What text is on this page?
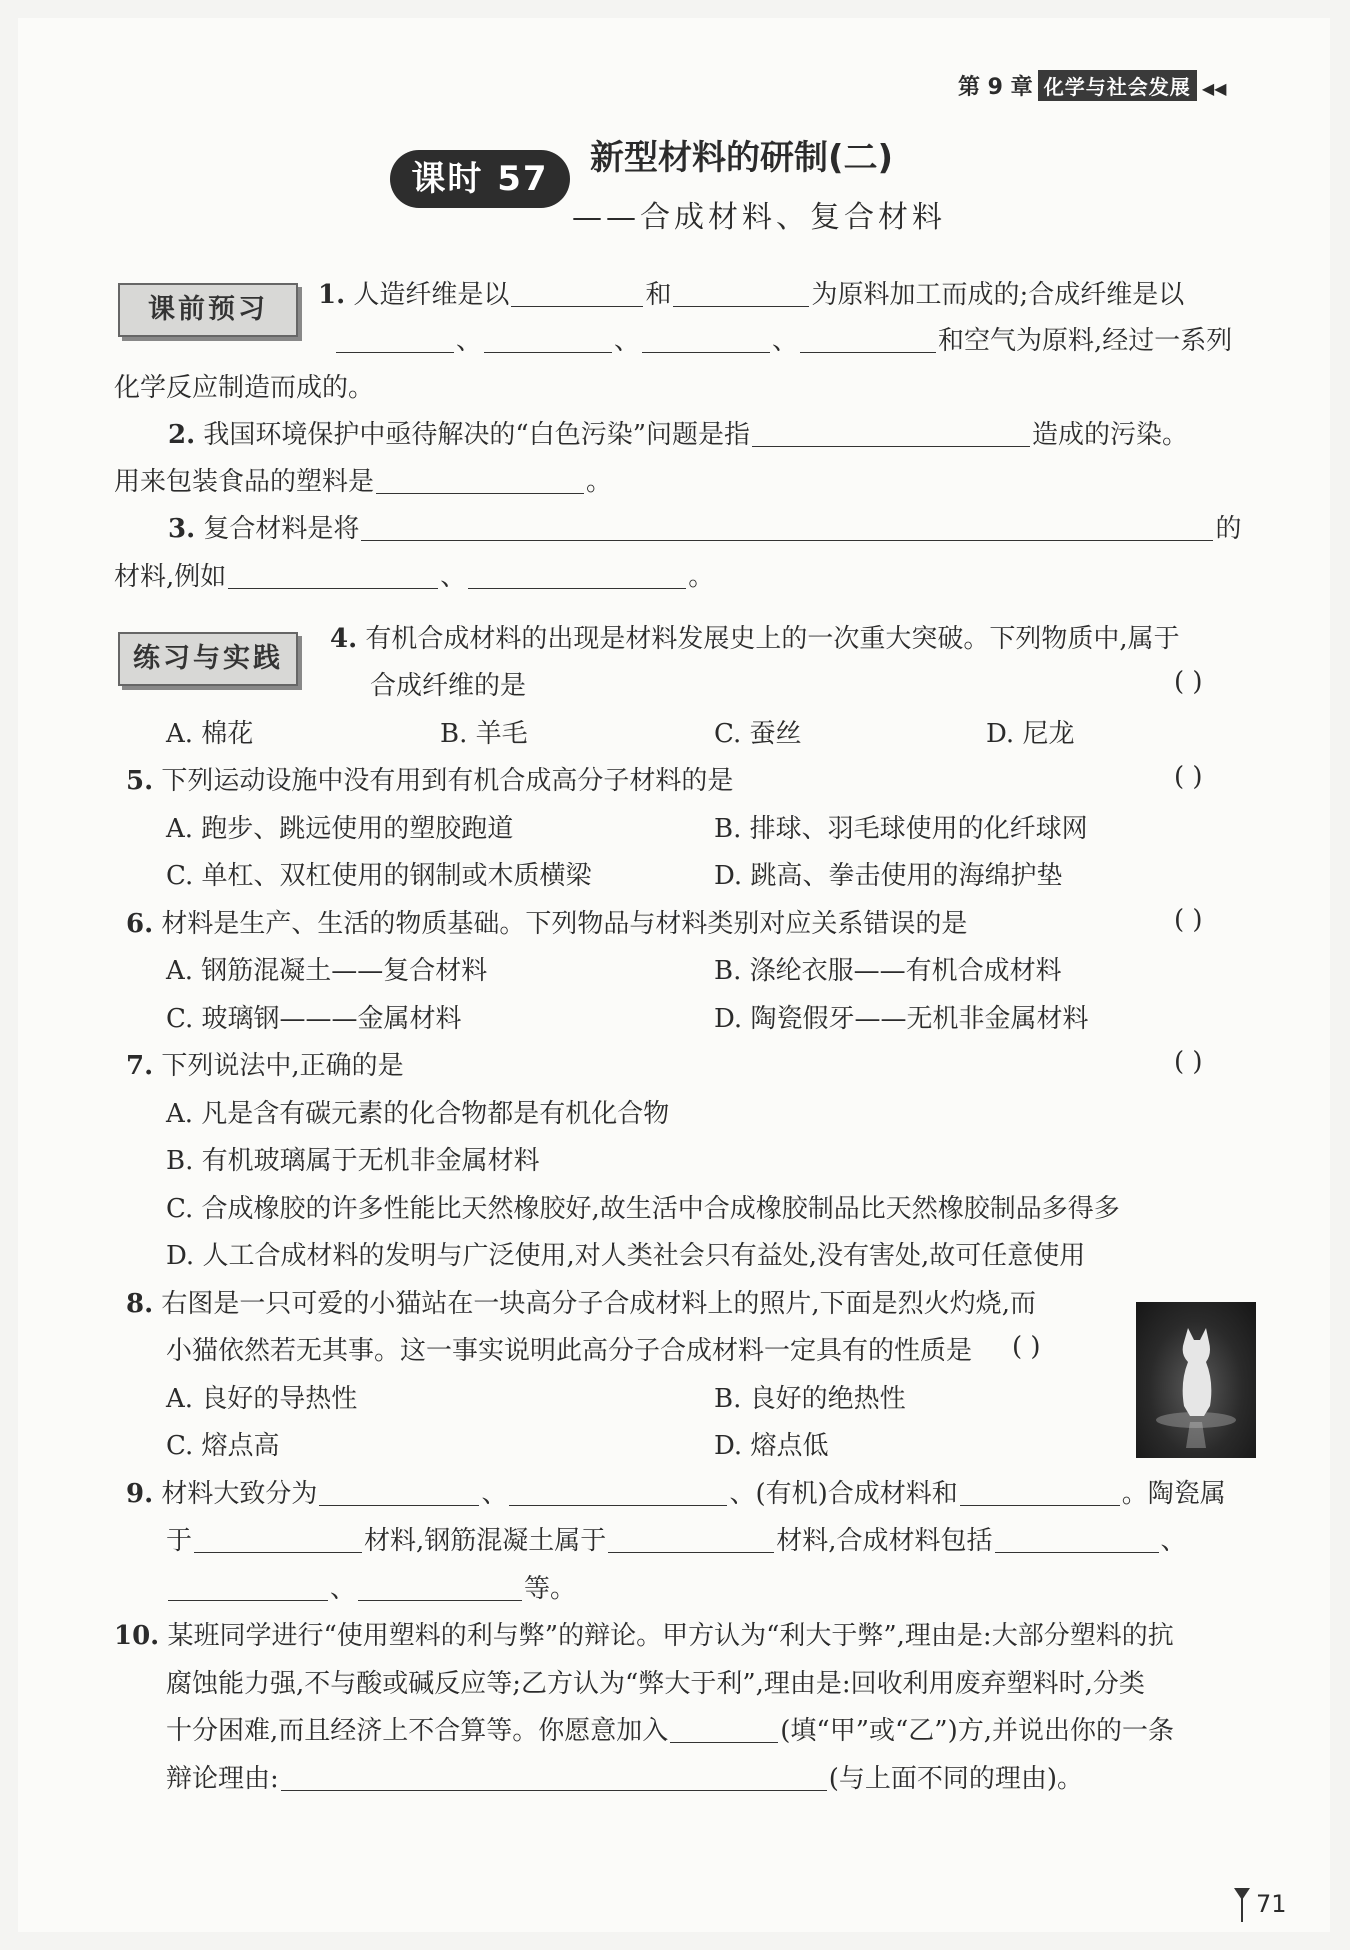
第 9 章 化学与社会发展 ◀◀
课时 57
新型材料的研制(二)
——合成材料、复合材料
课前预习	1. 人造纤维是以	和	为原料加工而成的;合成纤维是以
、	、	、	和空气为原料,经过一系列
化学反应制造而成的。
2. 我国环境保护中亟待解决的“白色污染”问题是指	造成的污染。
用来包装食品的塑料是	。
3. 复合材料是将	的
材料,例如	、	。
练习与实践
4. 有机合成材料的出现是材料发展史上的一次重大突破。下列物质中,属于
合成纤维的是	( )
A. 棉花	B. 羊毛	C. 蚕丝	D. 尼龙
5. 下列运动设施中没有用到有机合成高分子材料的是	( )
A. 跑步、跳远使用的塑胶跑道	B. 排球、羽毛球使用的化纤球网
C. 单杠、双杠使用的钢制或木质横梁	D. 跳高、拳击使用的海绵护垫
6. 材料是生产、生活的物质基础。下列物品与材料类别对应关系错误的是	( )
A. 钢筋混凝土——复合材料	B. 涤纶衣服——有机合成材料
C. 玻璃钢———金属材料	D. 陶瓷假牙——无机非金属材料
7. 下列说法中,正确的是	( )
A. 凡是含有碳元素的化合物都是有机化合物
B. 有机玻璃属于无机非金属材料
C. 合成橡胶的许多性能比天然橡胶好,故生活中合成橡胶制品比天然橡胶制品多得多
D. 人工合成材料的发明与广泛使用,对人类社会只有益处,没有害处,故可任意使用
8. 右图是一只可爱的小猫站在一块高分子合成材料上的照片,下面是烈火灼烧,而
小猫依然若无其事。这一事实说明此高分子合成材料一定具有的性质是 ( )
A. 良好的导热性	B. 良好的绝热性
C. 熔点高	D. 熔点低
9. 材料大致分为	、	、(有机)合成材料和	。陶瓷属
于	材料,钢筋混凝土属于	材料,合成材料包括	、
、	等。
10. 某班同学进行“使用塑料的利与弊”的辩论。甲方认为“利大于弊”,理由是:大部分塑料的抗
腐蚀能力强,不与酸或碱反应等;乙方认为“弊大于利”,理由是:回收利用废弃塑料时,分类
十分困难,而且经济上不合算等。你愿意加入	(填“甲”或“乙”)方,并说出你的一条
辩论理由:	(与上面不同的理由)。
71
